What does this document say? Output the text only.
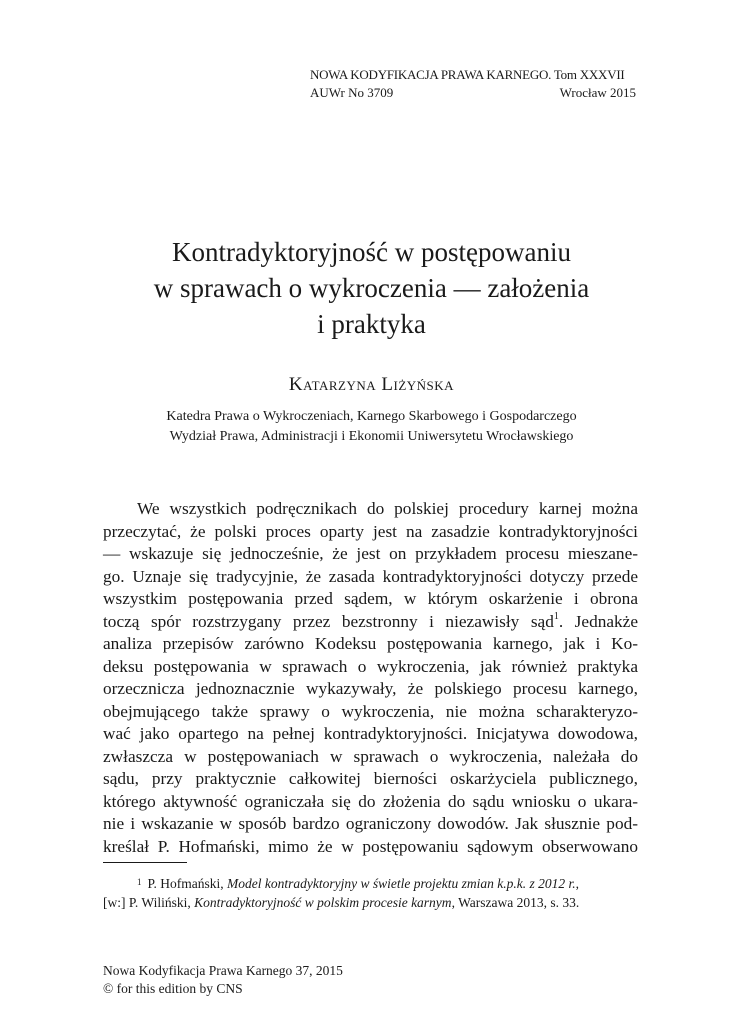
NOWA KODYFIKACJA PRAWA KARNEGO. Tom XXXVII
AUWr No 3709	Wrocław 2015
Kontradyktoryjność w postępowaniu
w sprawach o wykroczenia — założenia
i praktyka
Katarzyna Liżyńska
Katedra Prawa o Wykroczeniach, Karnego Skarbowego i Gospodarczego
Wydział Prawa, Administracji i Ekonomii Uniwersytetu Wrocławskiego
We wszystkich podręcznikach do polskiej procedury karnej można
przeczytać, że polski proces oparty jest na zasadzie kontradyktoryjności
— wskazuje się jednocześnie, że jest on przykładem procesu mieszane-
go. Uznaje się tradycyjnie, że zasada kontradyktoryjności dotyczy przede
wszystkim postępowania przed sądem, w którym oskarżenie i obrona
toczą spór rozstrzygany przez bezstronny i niezawisły sąd$^1$. Jednakże
analiza przepisów zarówno Kodeksu postępowania karnego, jak i Ko-
deksu postępowania w sprawach o wykroczenia, jak również praktyka
orzecznicza jednoznacznie wykazywały, że polskiego procesu karnego,
obejmującego także sprawy o wykroczenia, nie można scharakteryzo-
wać jako opartego na pełnej kontradyktoryjności. Inicjatywa dowodowa,
zwłaszcza w postępowaniach w sprawach o wykroczenia, należała do
sądu, przy praktycznie całkowitej bierności oskarżyciela publicznego,
którego aktywność ograniczała się do złożenia do sądu wniosku o ukara-
nie i wskazanie w sposób bardzo ograniczony dowodów. Jak słusznie pod-
kreślał P. Hofmański, mimo że w postępowaniu sądowym obserwowano
$^1$ P. Hofmański, Model kontradyktoryjny w świetle projektu zmian k.p.k. z 2012 r.,
[w:] P. Wiliński, Kontradyktoryjność w polskim procesie karnym, Warszawa 2013, s. 33.
Nowa Kodyfikacja Prawa Karnego 37, 2015
© for this edition by CNS
